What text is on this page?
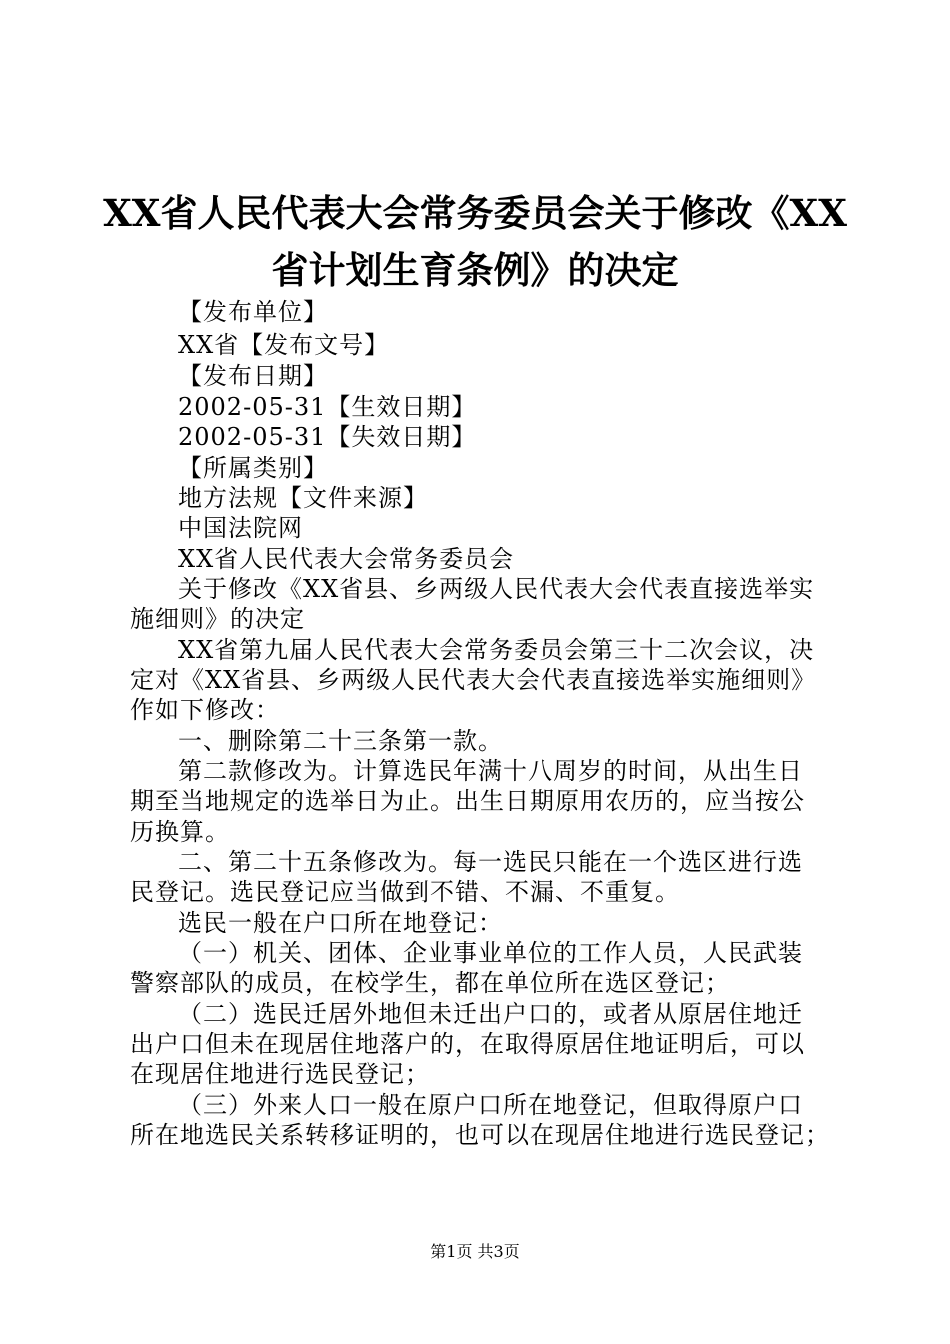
XX省人民代表大会常务委员会关于修改《XX
省计划生育条例》的决定
【发布单位】
XX省【发布文号】
【发布日期】
2002-05-31【生效日期】
2002-05-31【失效日期】
【所属类别】
地方法规【文件来源】
中国法院网
XX省人民代表大会常务委员会
关于修改《XX省县、乡两级人民代表大会代表直接选举实
施细则》的决定
XX省第九届人民代表大会常务委员会第三十二次会议，决
定对《XX省县、乡两级人民代表大会代表直接选举实施细则》
作如下修改：
一、删除第二十三条第一款。
第二款修改为。计算选民年满十八周岁的时间，从出生日
期至当地规定的选举日为止。出生日期原用农历的，应当按公
历换算。
二、第二十五条修改为。每一选民只能在一个选区进行选
民登记。选民登记应当做到不错、不漏、不重复。
选民一般在户口所在地登记：
（一）机关、团体、企业事业单位的工作人员，人民武装
警察部队的成员，在校学生，都在单位所在选区登记；
（二）选民迁居外地但未迁出户口的，或者从原居住地迁
出户口但未在现居住地落户的，在取得原居住地证明后，可以
在现居住地进行选民登记；
（三）外来人口一般在原户口所在地登记，但取得原户口
所在地选民关系转移证明的，也可以在现居住地进行选民登记；
第1页 共3页
